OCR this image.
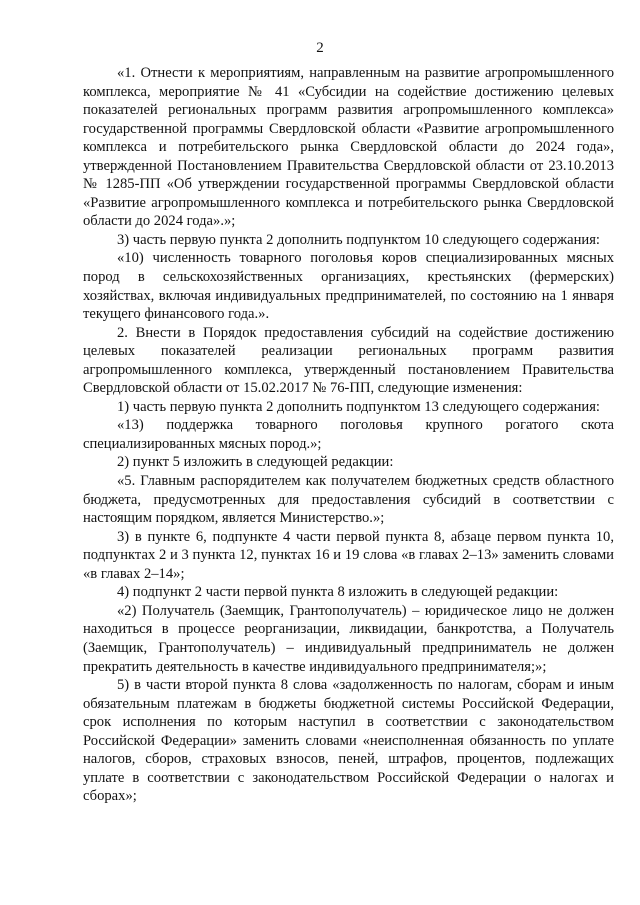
2

«1. Отнести к мероприятиям, направленным на развитие агропромышленного комплекса, мероприятие № 41 «Субсидии на содействие достижению целевых показателей региональных программ развития агропромышленного комплекса» государственной программы Свердловской области «Развитие агропромышленного комплекса и потребительского рынка Свердловской области до 2024 года», утвержденной Постановлением Правительства Свердловской области от 23.10.2013 № 1285-ПП «Об утверждении государственной программы Свердловской области «Развитие агропромышленного комплекса и потребительского рынка Свердловской области до 2024 года».»;

3) часть первую пункта 2 дополнить подпунктом 10 следующего содержания:

«10) численность товарного поголовья коров специализированных мясных пород в сельскохозяйственных организациях, крестьянских (фермерских) хозяйствах, включая индивидуальных предпринимателей, по состоянию на 1 января текущего финансового года.».

2. Внести в Порядок предоставления субсидий на содействие достижению целевых показателей реализации региональных программ развития агропромышленного комплекса, утвержденный постановлением Правительства Свердловской области от 15.02.2017 № 76-ПП, следующие изменения:

1) часть первую пункта 2 дополнить подпунктом 13 следующего содержания:

«13) поддержка товарного поголовья крупного рогатого скота специализированных мясных пород.»;

2) пункт 5 изложить в следующей редакции:

«5. Главным распорядителем как получателем бюджетных средств областного бюджета, предусмотренных для предоставления субсидий в соответствии с настоящим порядком, является Министерство.»;

3) в пункте 6, подпункте 4 части первой пункта 8, абзаце первом пункта 10, подпунктах 2 и 3 пункта 12, пунктах 16 и 19 слова «в главах 2–13» заменить словами «в главах 2–14»;

4) подпункт 2 части первой пункта 8 изложить в следующей редакции:

«2) Получатель (Заемщик, Грантополучатель) – юридическое лицо не должен находиться в процессе реорганизации, ликвидации, банкротства, а Получатель (Заемщик, Грантополучатель) – индивидуальный предприниматель не должен прекратить деятельность в качестве индивидуального предпринимателя;»;

5) в части второй пункта 8 слова «задолженность по налогам, сборам и иным обязательным платежам в бюджеты бюджетной системы Российской Федерации, срок исполнения по которым наступил в соответствии с законодательством Российской Федерации» заменить словами «неисполненная обязанность по уплате налогов, сборов, страховых взносов, пеней, штрафов, процентов, подлежащих уплате в соответствии с законодательством Российской Федерации о налогах и сборах»;
